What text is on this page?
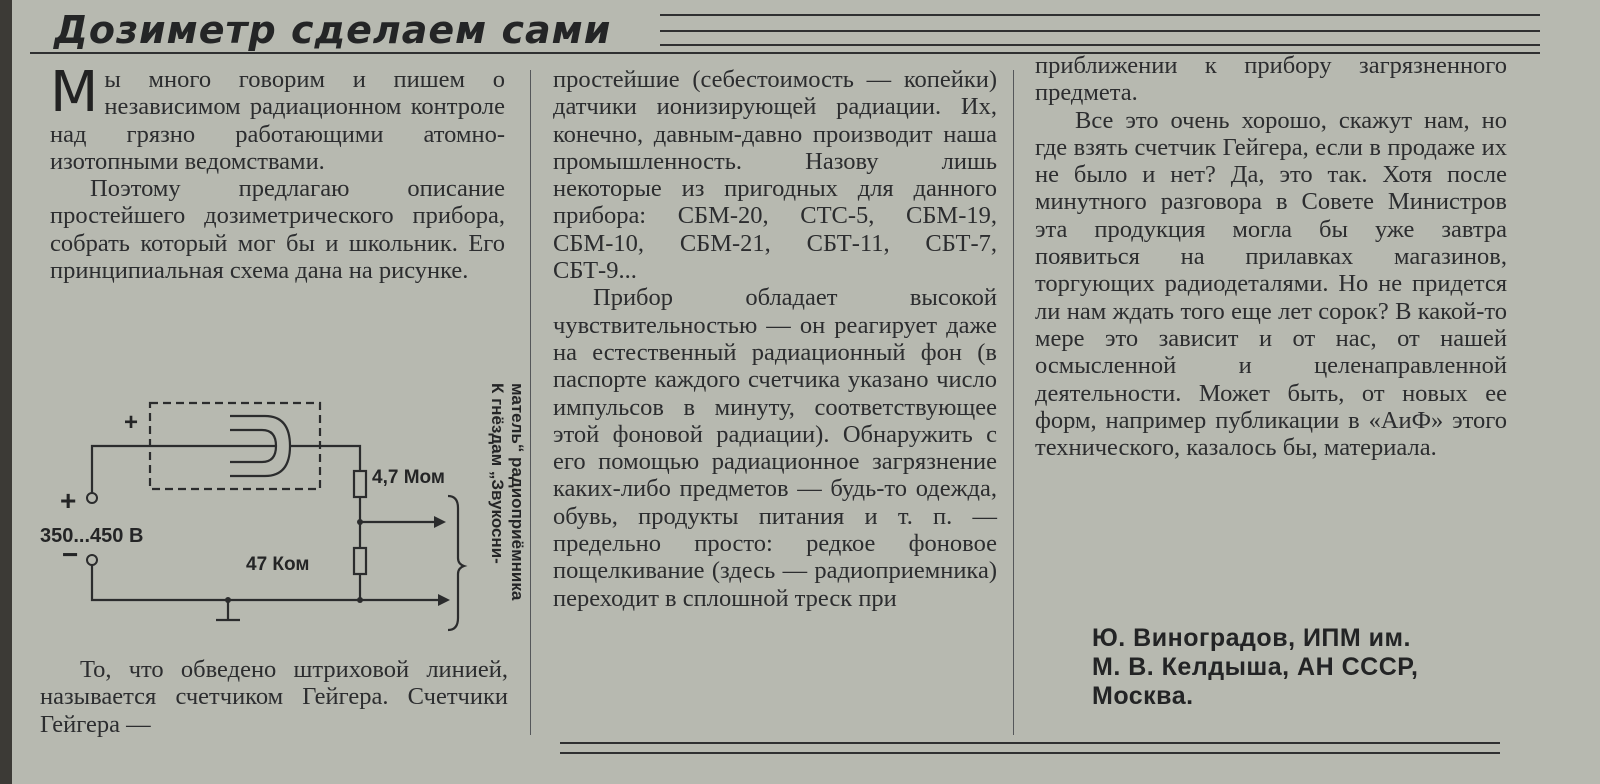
Дозиметр сделаем сами

Мы много говорим и пишем о независимом радиационном контроле над грязно работающими атомно-изотопными ведомствами.

Поэтому предлагаю описание простейшего дозиметрического прибора, собрать который мог бы и школьник. Его принципиальная схема дана на рисунке.

+
+
−
350...450 В
4,7 Мом
47 Ком
К гнёздам „Звукосни- матель“ радиоприёмника

То, что обведено штриховой линией, называется счетчиком Гейгера. Счетчики Гейгера —

простейшие (себестоимость — копейки) датчики ионизирующей радиации. Их, конечно, давным-давно производит наша промышленность. Назову лишь некоторые из пригодных для данного прибора: СБМ-20, СТС-5, СБМ-19, СБМ-10, СБМ-21, СБТ-11, СБТ-7, СБТ-9...

Прибор обладает высокой чувствительностью — он реагирует даже на естественный радиационный фон (в паспорте каждого счетчика указано число импульсов в минуту, соответствующее этой фоновой радиации). Обнаружить с его помощью радиационное загрязнение каких-либо предметов — будь-то одежда, обувь, продукты питания и т. п. — предельно просто: редкое фоновое пощелкивание (здесь — радиоприемника) переходит в сплошной треск при

приближении к прибору загрязненного предмета.

Все это очень хорошо, скажут нам, но где взять счетчик Гейгера, если в продаже их не было и нет? Да, это так. Хотя после минутного разговора в Совете Министров эта продукция могла бы уже завтра появиться на прилавках магазинов, торгующих радиодеталями. Но не придется ли нам ждать того еще лет сорок? В какой-то мере это зависит и от нас, от нашей осмысленной и целенаправленной деятельности. Может быть, от новых ее форм, например публикации в «АиФ» этого технического, казалось бы, материала.

Ю. Виноградов, ИПМ им.
М. В. Келдыша, АН СССР,
Москва.
